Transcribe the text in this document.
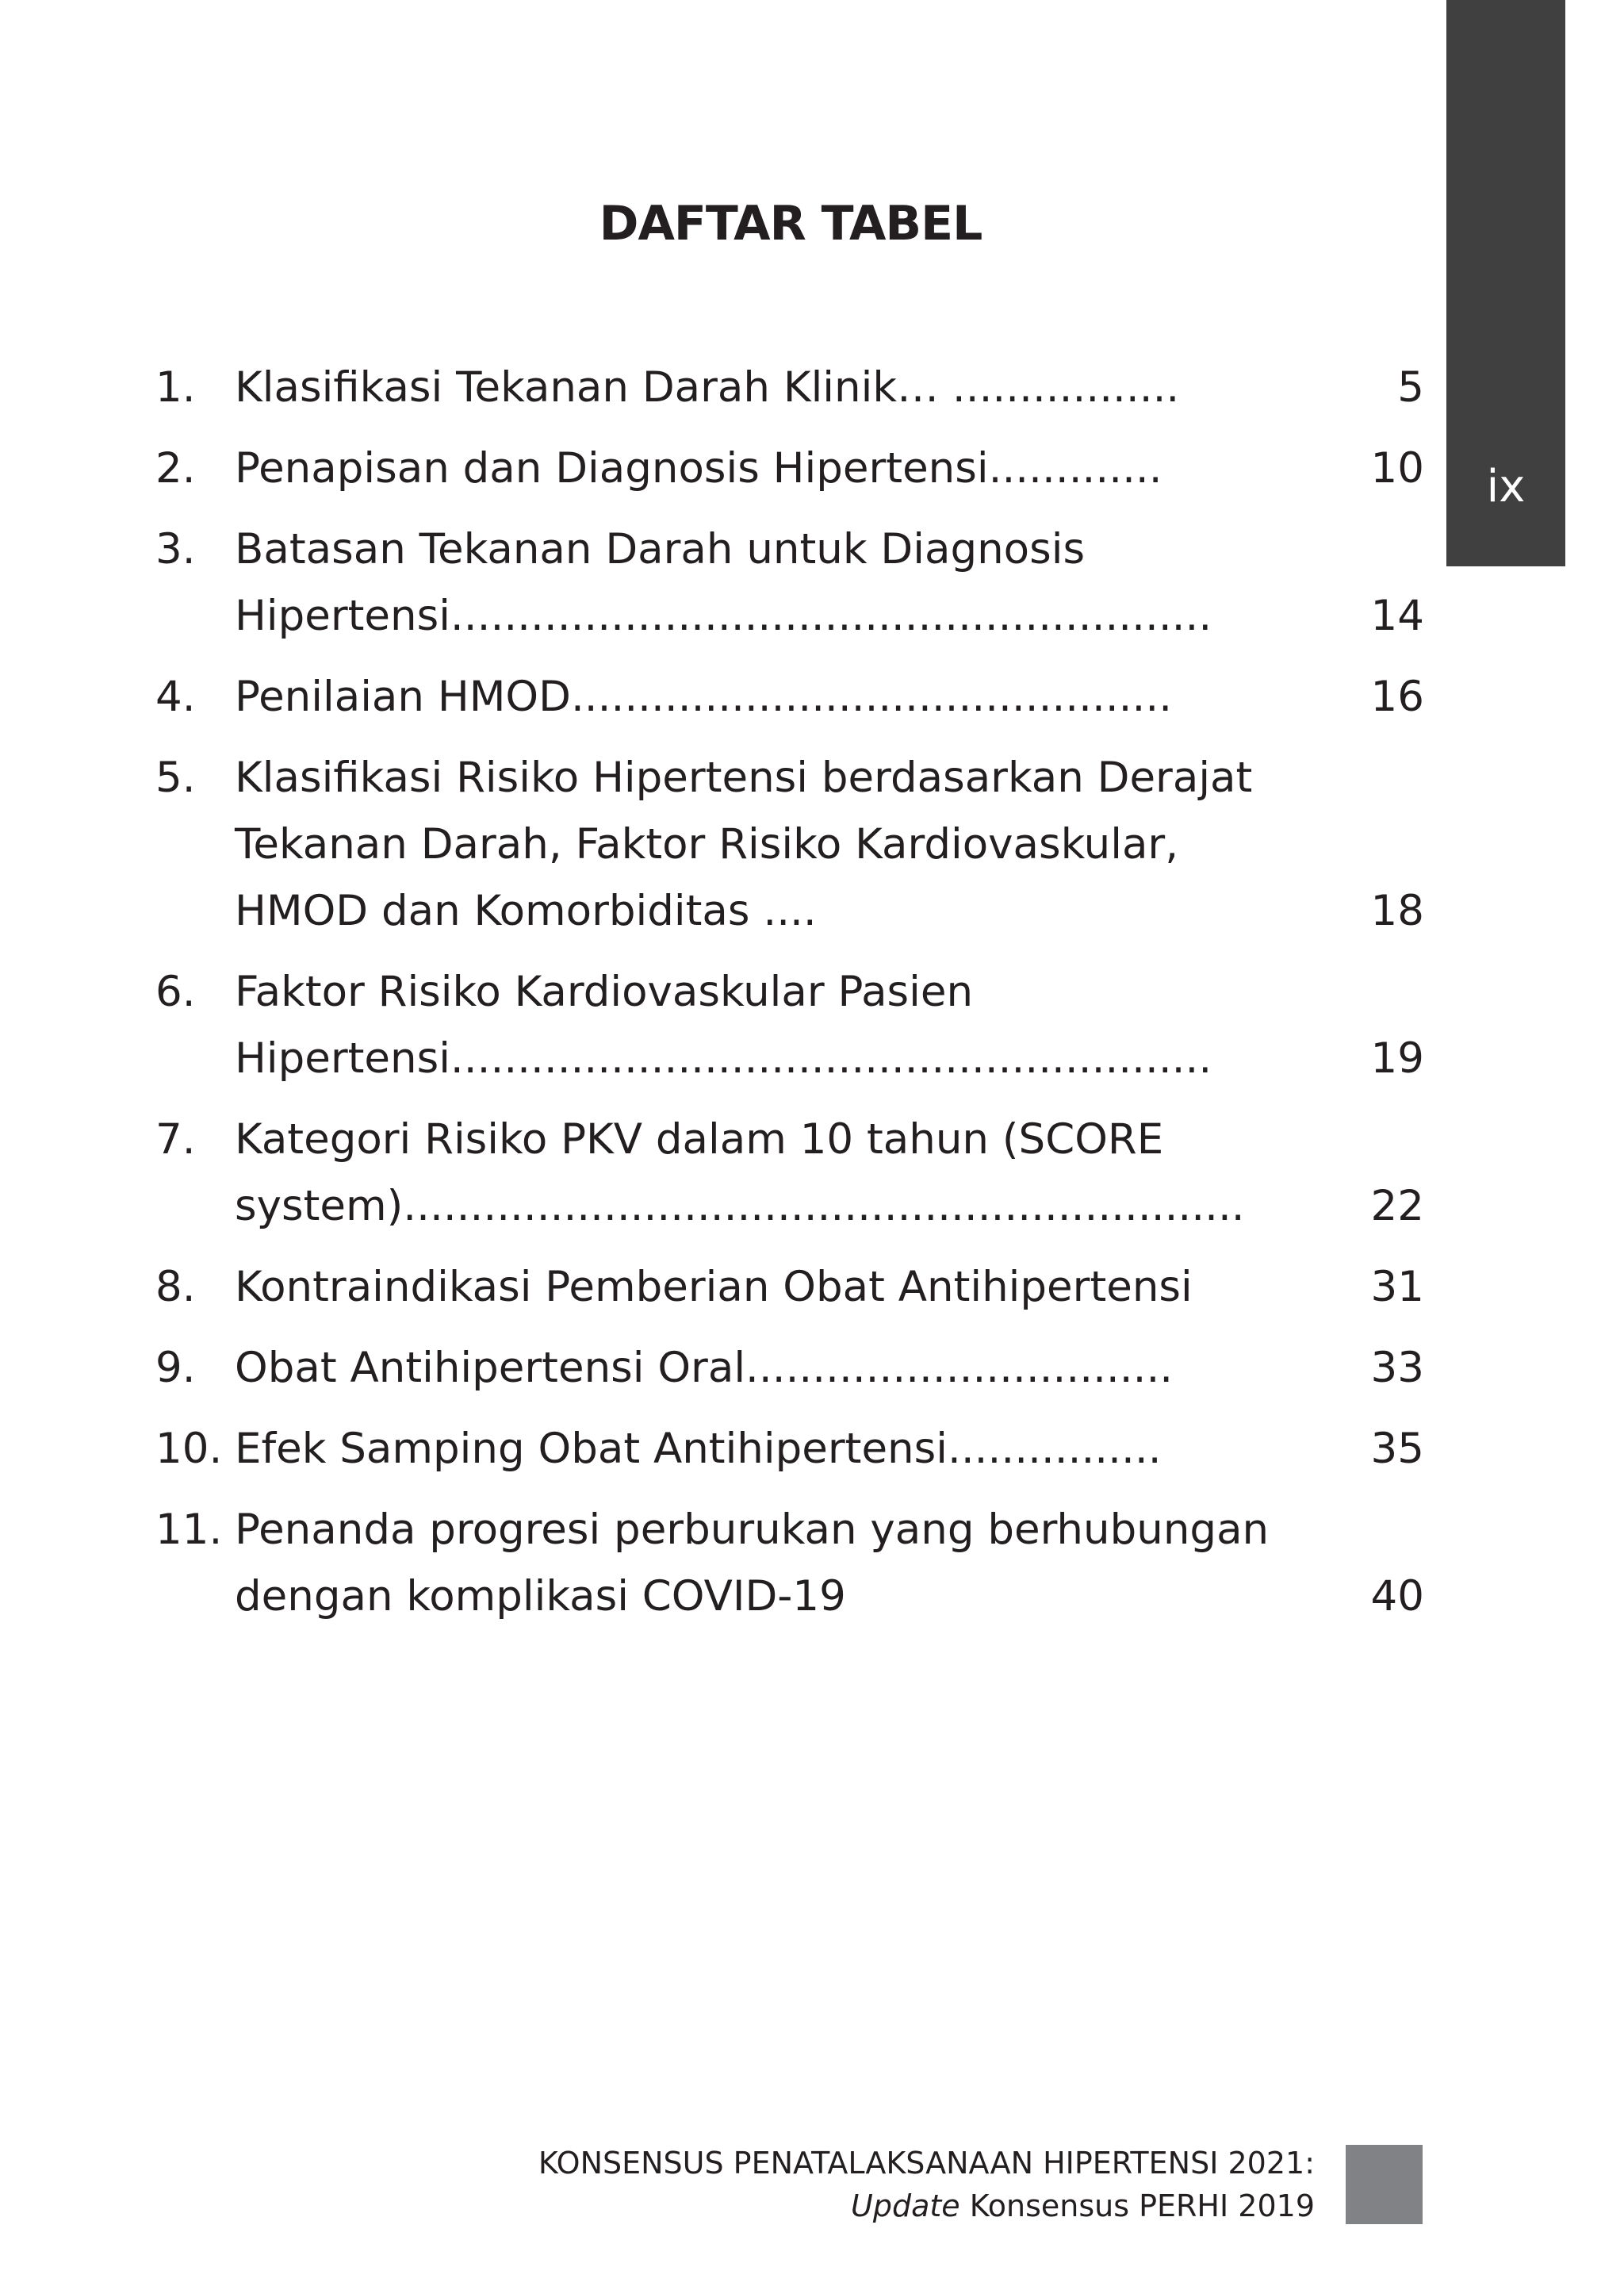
ix
DAFTAR TABEL
1. Klasifikasi Tekanan Darah Klinik… .................	5
2. Penapisan dan Diagnosis Hipertensi.............	10
3. Batasan Tekanan Darah untuk Diagnosis Hipertensi.........................................................	14
4. Penilaian HMOD.............................................	16
5. Klasifikasi Risiko Hipertensi berdasarkan Derajat Tekanan Darah, Faktor Risiko Kardiovaskular, HMOD dan Komorbiditas ....	18
6. Faktor Risiko Kardiovaskular Pasien Hipertensi.........................................................	19
7. Kategori Risiko PKV dalam 10 tahun (SCORE system)...............................................................	22
8. Kontraindikasi Pemberian Obat Antihipertensi	31
9. Obat Antihipertensi Oral................................	33
10. Efek Samping Obat Antihipertensi................	35
11. Penanda progresi perburukan yang berhubungan dengan komplikasi COVID-19	40
KONSENSUS PENATALAKSANAAN HIPERTENSI 2021:
Update Konsensus PERHI 2019
